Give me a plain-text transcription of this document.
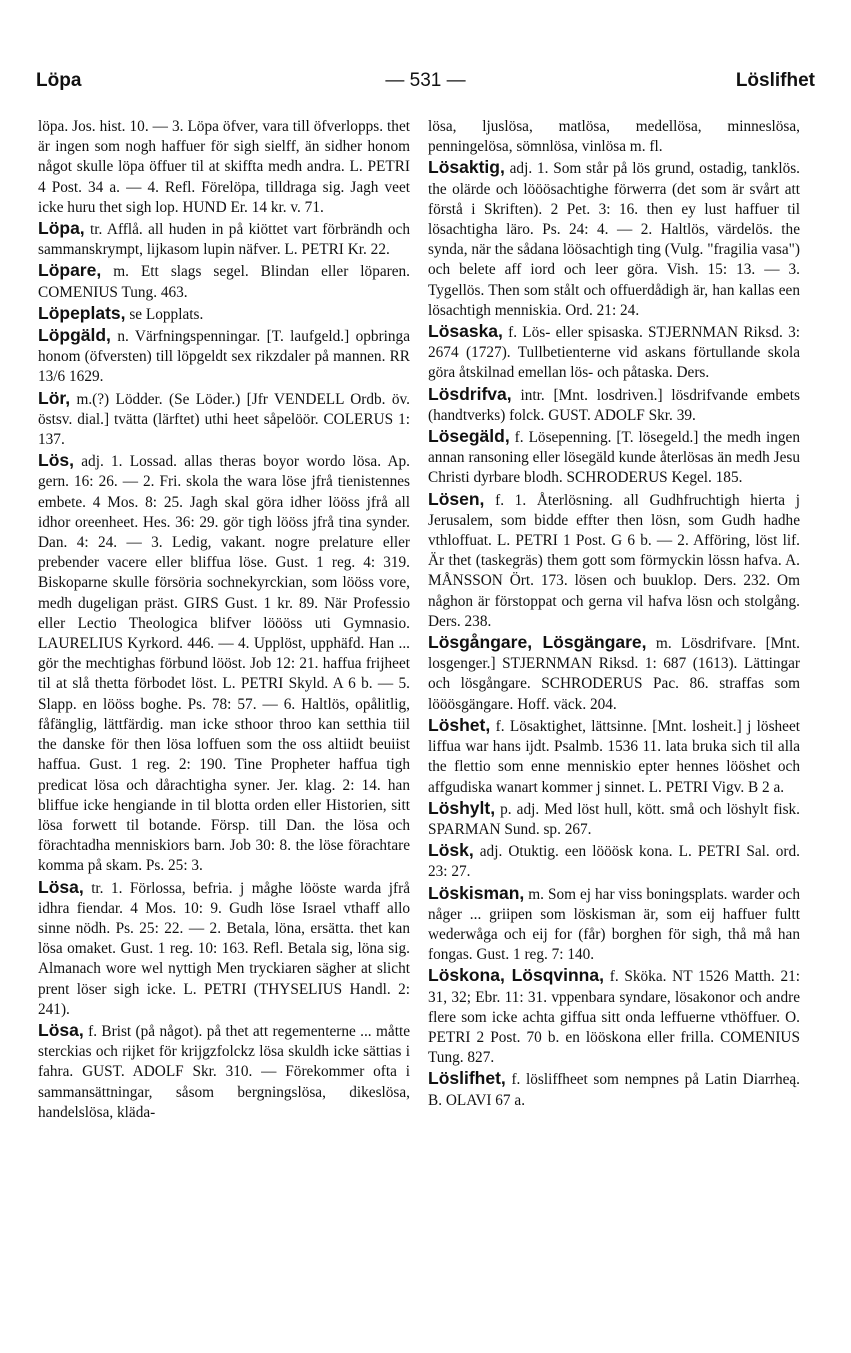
Löpa	— 531 —	Löslifhet

löpa. Jos. hist. 10. — 3. Löpa öfver, vara till öfverlopps. thet är ingen som nogh haffuer för sigh sielff, än sidher honom något skulle löpa öffuer til at skiffta medh andra. L. PETRI 4 Post. 34 a. — 4. Refl. Förelöpa, tilldraga sig. Jagh veet icke huru thet sigh lop. HUND Er. 14 kr. v. 71.

Löpa, tr. Afflå. all huden in på kiöttet vart förbrändh och sammanskrympt, lijkasom lupin näfver. L. PETRI Kr. 22.

Löpare, m. Ett slags segel. Blindan eller löparen. COMENIUS Tung. 463.

Löpeplats, se Lopplats.

Löpgäld, n. Värfningspenningar. [T. laufgeld.] opbringa honom (öfversten) till löpgeldt sex rikzdaler på mannen. RR 13/6 1629.

Lör, m.(?) Lödder. (Se Löder.) [Jfr VENDELL Ordb. öv. östsv. dial.] tvätta (lärftet) uthi heet såpelöör. COLERUS 1: 137.

Lös, adj. 1. Lossad. allas theras boyor wordo lösa. Ap. gern. 16: 26. — 2. Fri. skola the wara löse jfrå tienistennes embete. 4 Mos. 8: 25. Jagh skal göra idher lööss jfrå all idhor oreenheet. Hes. 36: 29. gör tigh lööss jfrå tina synder. Dan. 4: 24. — 3. Ledig, vakant. nogre prelature eller prebender vacere eller bliffua löse. Gust. 1 reg. 4: 319. Biskoparne skulle försöria sochnekyrckian, som lööss vore, medh dugeligan präst. GIRS Gust. 1 kr. 89. När Professio eller Lectio Theologica blifver löööss uti Gymnasio. LAURELIUS Kyrkord. 446. — 4. Upplöst, upphäfd. Han ... gör the mechtighas förbund lööst. Job 12: 21. haffua frijheet til at slå thetta förbodet löst. L. PETRI Skyld. A 6 b. — 5. Slapp. en lööss boghe. Ps. 78: 57. — 6. Haltlös, opålitlig, fåfänglig, lättfärdig. man icke sthoor throo kan setthia tiil the danske för then lösa loffuen som the oss altiidt beuiist haffua. Gust. 1 reg. 2: 190. Tine Propheter haffua tigh predicat lösa och dårachtigha syner. Jer. klag. 2: 14. han bliffue icke hengiande in til blotta orden eller Historien, sitt lösa forwett til botande. Försp. till Dan. the lösa och förachtadha menniskiors barn. Job 30: 8. the löse förachtare komma på skam. Ps. 25: 3.

Lösa, tr. 1. Förlossa, befria. j måghe lööste warda jfrå idhra fiendar. 4 Mos. 10: 9. Gudh löse Israel vthaff allo sinne nödh. Ps. 25: 22. — 2. Betala, löna, ersätta. thet kan lösa omaket. Gust. 1 reg. 10: 163. Refl. Betala sig, löna sig. Almanach wore wel nyttigh Men tryckiaren sägher at slicht prent löser sigh icke. L. PETRI (THYSELIUS Handl. 2: 241).

Lösa, f. Brist (på något). på thet att regementerne ... måtte sterckias och rijket för krijgzfolckz lösa skuldh icke sättias i fahra. GUST. ADOLF Skr. 310. — Förekommer ofta i sammansättningar, såsom bergningslösa, dikeslösa, handelslösa, kläda-

lösa, ljuslösa, matlösa, medellösa, minneslösa, penningelösa, sömnlösa, vinlösa m. fl.

Lösaktig, adj. 1. Som står på lös grund, ostadig, tanklös. the olärde och lööösachtighe förwerra (det som är svårt att förstå i Skriften). 2 Pet. 3: 16. then ey lust haffuer til lösachtigha läro. Ps. 24: 4. — 2. Haltlös, värdelös. the synda, när the sådana löösachtigh ting (Vulg. "fragilia vasa") och belete aff iord och leer göra. Vish. 15: 13. — 3. Tygellös. Then som stålt och offuerdådigh är, han kallas een lösachtigh menniskia. Ord. 21: 24.

Lösaska, f. Lös- eller spisaska. STJERNMAN Riksd. 3: 2674 (1727). Tullbetienterne vid askans förtullande skola göra åtskilnad emellan lös- och påtaska. Ders.

Lösdrifva, intr. [Mnt. losdriven.] lösdrifvande embets (handtverks) folck. GUST. ADOLF Skr. 39.

Lösegäld, f. Lösepenning. [T. lösegeld.] the medh ingen annan ransoning eller lösegäld kunde återlösas än medh Jesu Christi dyrbare blodh. SCHRODERUS Kegel. 185.

Lösen, f. 1. Återlösning. all Gudhfruchtigh hierta j Jerusalem, som bidde effter then lösn, som Gudh hadhe vthloffuat. L. PETRI 1 Post. G 6 b. — 2. Afföring, löst lif. Är thet (taskegräs) them gott som förmyckin lössn hafva. A. MÅNSSON Ört. 173. lösen och buuklop. Ders. 232. Om någhon är förstoppat och gerna vil hafva lösn och stolgång. Ders. 238.

Lösgångare, Lösgängare, m. Lösdrifvare. [Mnt. losgenger.] STJERNMAN Riksd. 1: 687 (1613). Lättingar och lösgångare. SCHRODERUS Pac. 86. straffas som lööösgängare. Hoff. väck. 204.

Löshet, f. Lösaktighet, lättsinne. [Mnt. losheit.] j lösheet liffua war hans ijdt. Psalmb. 1536 11. lata bruka sich til alla the flettio som enne menniskio epter hennes lööshet och affgudiska wanart kommer j sinnet. L. PETRI Vigv. B 2 a.

Löshylt, p. adj. Med löst hull, kött. små och löshylt fisk. SPARMAN Sund. sp. 267.

Lösk, adj. Otuktig. een lööösk kona. L. PETRI Sal. ord. 23: 27.

Löskisman, m. Som ej har viss boningsplats. warder och någer ... griipen som löskisman är, som eij haffuer fultt wederwåga och eij for (får) borghen för sigh, thå må han fongas. Gust. 1 reg. 7: 140.

Löskona, Lösqvinna, f. Sköka. NT 1526 Matth. 21: 31, 32; Ebr. 11: 31. vppenbara syndare, lösakonor och andre flere som icke achta giffua sitt onda leffuerne vthöffuer. O. PETRI 2 Post. 70 b. en lööskona eller frilla. COMENIUS Tung. 827.

Löslifhet, f. lösliffheet som nempnes på Latin Diarrheą. B. OLAVI 67 a.
